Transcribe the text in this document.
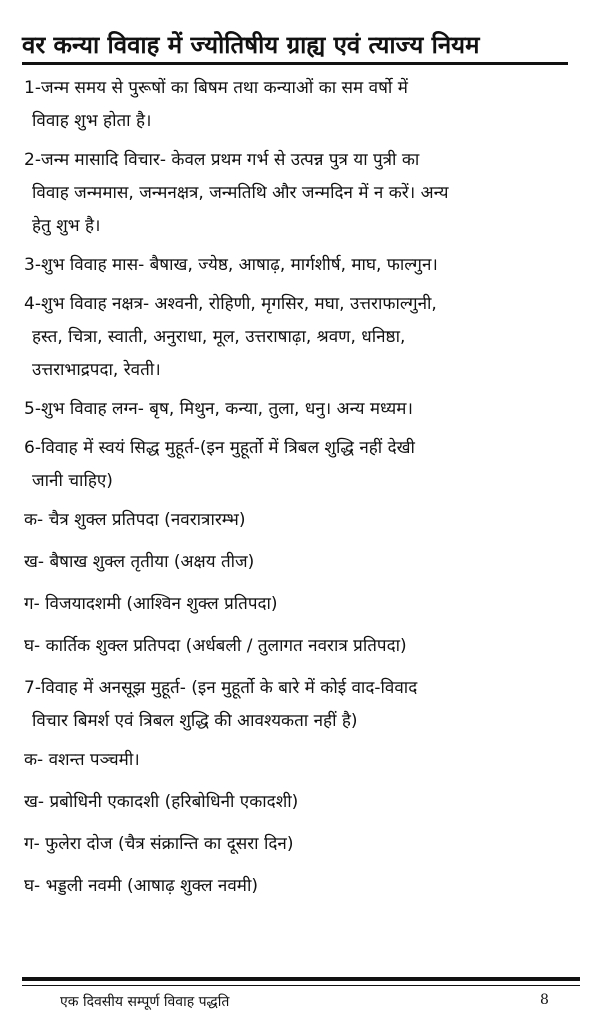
वर कन्या विवाह में ज्योतिषीय ग्राह्य एवं त्याज्य नियम
1-जन्म समय से पुरूषों का बिषम तथा कन्याओं का सम वर्षो में
विवाह शुभ होता है।
2-जन्म मासादि विचार- केवल प्रथम गर्भ से उत्पन्न पुत्र या पुत्री का
विवाह जन्ममास, जन्मनक्षत्र, जन्मतिथि और जन्मदिन में न करें। अन्य
हेतु शुभ है।
3-शुभ विवाह मास- बैषाख, ज्येष्ठ, आषाढ़, मार्गशीर्ष, माघ, फाल्गुन।
4-शुभ विवाह नक्षत्र- अश्वनी, रोहिणी, मृगसिर, मघा, उत्तराफाल्गुनी,
हस्त, चित्रा, स्वाती, अनुराधा, मूल, उत्तराषाढ़ा, श्रवण, धनिष्ठा,
उत्तराभाद्रपदा, रेवती।
5-शुभ विवाह लग्न- बृष, मिथुन, कन्या, तुला, धनु। अन्य मध्यम।
6-विवाह में स्वयं सिद्ध मुहूर्त-(इन मुहूर्तो में त्रिबल शुद्धि नहीं देखी
जानी चाहिए)
क- चैत्र शुक्ल प्रतिपदा (नवरात्रारम्भ)
ख- बैषाख शुक्ल तृतीया (अक्षय तीज)
ग- विजयादशमी (आश्विन शुक्ल प्रतिपदा)
घ- कार्तिक शुक्ल प्रतिपदा (अर्धबली / तुलागत नवरात्र प्रतिपदा)
7-विवाह में अनसूझ मुहूर्त- (इन मुहूर्तो के बारे में कोई वाद-विवाद
विचार बिमर्श एवं त्रिबल शुद्धि की आवश्यकता नहीं है)
क- वशन्त पञ्चमी।
ख- प्रबोधिनी एकादशी (हरिबोधिनी एकादशी)
ग- फुलेरा दोज (चैत्र संक्रान्ति का दूसरा दिन)
घ- भड्डली नवमी (आषाढ़ शुक्ल नवमी)
एक दिवसीय सम्पूर्ण विवाह पद्धति	8
